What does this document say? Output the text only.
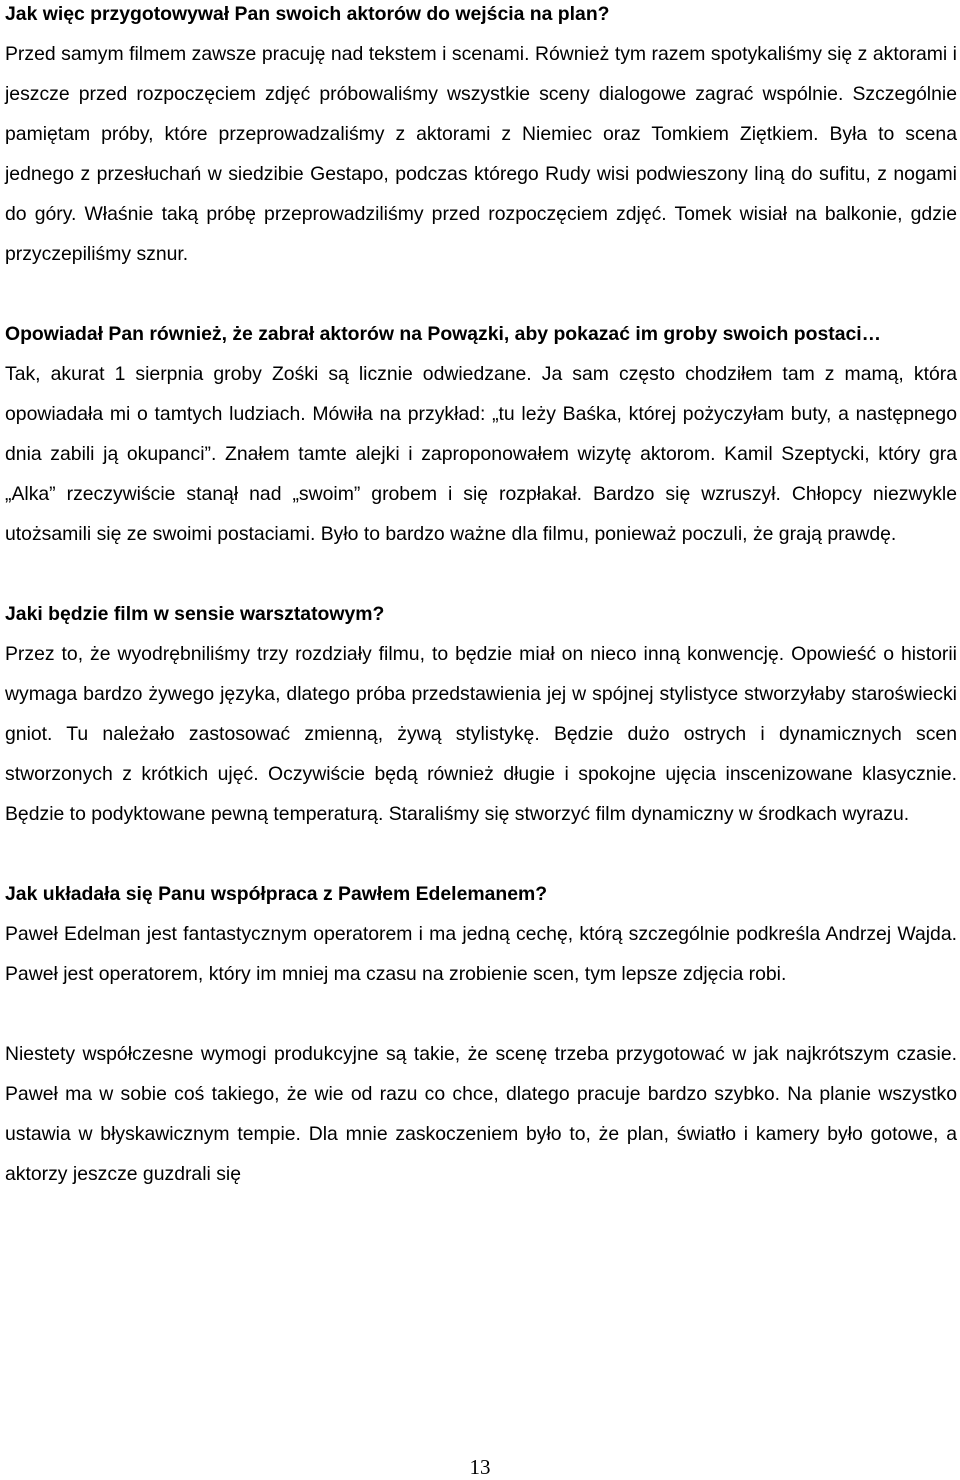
Jak więc przygotowywał Pan swoich aktorów do wejścia na plan?

Przed samym filmem zawsze pracuję nad tekstem i scenami. Również tym razem spotykaliśmy się z aktorami i jeszcze przed rozpoczęciem zdjęć próbowaliśmy wszystkie sceny dialogowe zagrać wspólnie. Szczególnie pamiętam próby, które przeprowadzaliśmy z aktorami z Niemiec oraz Tomkiem Ziętkiem. Była to scena jednego z przesłuchań w siedzibie Gestapo, podczas którego Rudy wisi podwieszony liną do sufitu, z nogami do góry. Właśnie taką próbę przeprowadziliśmy przed rozpoczęciem zdjęć. Tomek wisiał na balkonie, gdzie przyczepiliśmy sznur.

Opowiadał Pan również, że zabrał aktorów na Powązki, aby pokazać im groby swoich postaci…

Tak, akurat 1 sierpnia groby Zośki są licznie odwiedzane. Ja sam często chodziłem tam z mamą, która opowiadała mi o tamtych ludziach. Mówiła na przykład: „tu leży Baśka, której pożyczyłam buty, a następnego dnia zabili ją okupanci”. Znałem tamte alejki i zaproponowałem wizytę aktorom. Kamil Szeptycki, który gra „Alka” rzeczywiście stanął nad „swoim” grobem i się rozpłakał. Bardzo się wzruszył. Chłopcy niezwykle utożsamili się ze swoimi postaciami. Było to bardzo ważne dla filmu, ponieważ poczuli, że grają prawdę.

Jaki będzie film w sensie warsztatowym?

Przez to, że wyodrębniliśmy trzy rozdziały filmu, to będzie miał on nieco inną konwencję. Opowieść o historii wymaga bardzo żywego języka, dlatego próba przedstawienia jej w spójnej stylistyce stworzyłaby staroświecki gniot. Tu należało zastosować zmienną, żywą stylistykę. Będzie dużo ostrych i dynamicznych scen stworzonych z krótkich ujęć. Oczywiście będą również długie i spokojne ujęcia inscenizowane klasycznie. Będzie to podyktowane pewną temperaturą. Staraliśmy się stworzyć film dynamiczny w środkach wyrazu.

Jak układała się Panu współpraca z Pawłem Edelemanem?

Paweł Edelman jest fantastycznym operatorem i ma jedną cechę, którą szczególnie podkreśla Andrzej Wajda. Paweł jest operatorem, który im mniej ma czasu na zrobienie scen, tym lepsze zdjęcia robi.

Niestety współczesne wymogi produkcyjne są takie, że scenę trzeba przygotować w jak najkrótszym czasie. Paweł ma w sobie coś takiego, że wie od razu co chce, dlatego pracuje bardzo szybko. Na planie wszystko ustawia w błyskawicznym tempie. Dla mnie zaskoczeniem było to, że plan, światło i kamery było gotowe, a aktorzy jeszcze guzdrali się

13
